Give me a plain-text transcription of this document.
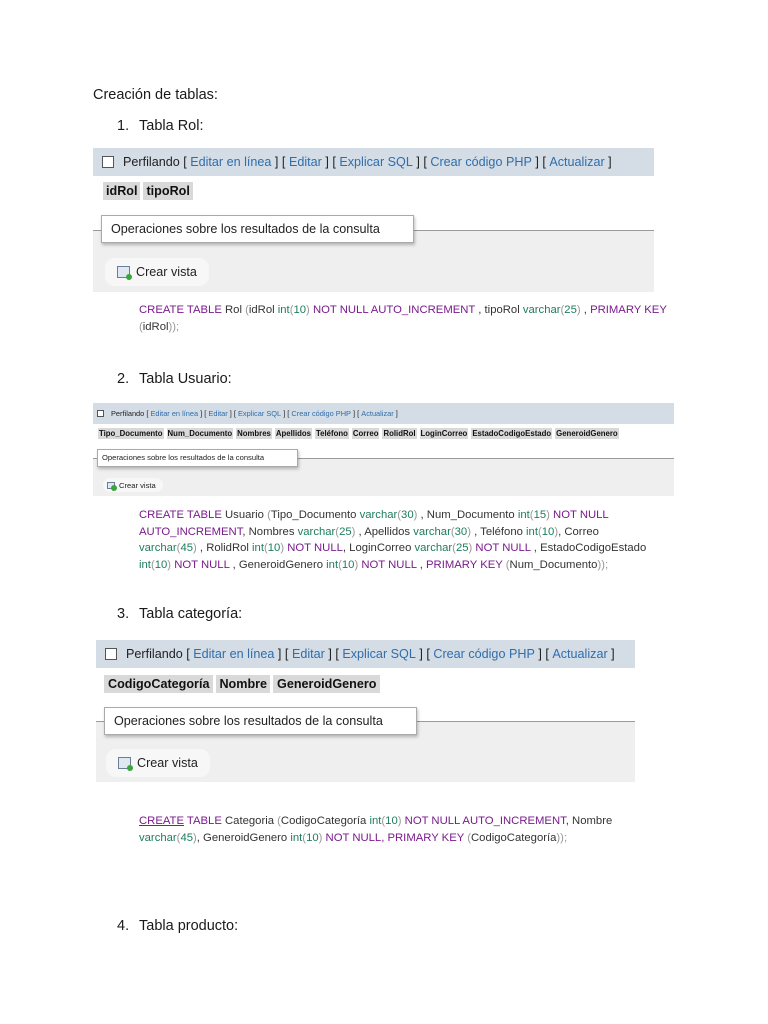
Creación de tablas:
1. Tabla Rol:
Perfilando [ Editar en línea ] [ Editar ] [ Explicar SQL ] [ Crear código PHP ] [ Actualizar ]
idRol tipoRol
Operaciones sobre los resultados de la consulta
Crear vista
CREATE TABLE Rol (idRol int(10) NOT NULL AUTO_INCREMENT , tipoRol varchar(25) , PRIMARY KEY
(idRol));
2. Tabla Usuario:
Perfilando [ Editar en línea ] [ Editar ] [ Explicar SQL ] [ Crear código PHP ] [ Actualizar ]
Tipo_Documento Num_Documento Nombres Apellidos Teléfono Correo RolidRol LoginCorreo EstadoCodigoEstado GeneroidGenero
Operaciones sobre los resultados de la consulta
Crear vista
CREATE TABLE Usuario (Tipo_Documento varchar(30) , Num_Documento int(15) NOT NULL
AUTO_INCREMENT, Nombres varchar(25) , Apellidos varchar(30) , Teléfono int(10), Correo
varchar(45) , RolidRol int(10) NOT NULL, LoginCorreo varchar(25) NOT NULL , EstadoCodigoEstado
int(10) NOT NULL , GeneroidGenero int(10) NOT NULL , PRIMARY KEY (Num_Documento));
3. Tabla categoría:
Perfilando [ Editar en línea ] [ Editar ] [ Explicar SQL ] [ Crear código PHP ] [ Actualizar ]
CodigoCategoría Nombre GeneroidGenero
Operaciones sobre los resultados de la consulta
Crear vista
CREATE TABLE Categoria (CodigoCategoría int(10) NOT NULL AUTO_INCREMENT, Nombre
varchar(45), GeneroidGenero int(10) NOT NULL, PRIMARY KEY (CodigoCategoría));
4. Tabla producto:
